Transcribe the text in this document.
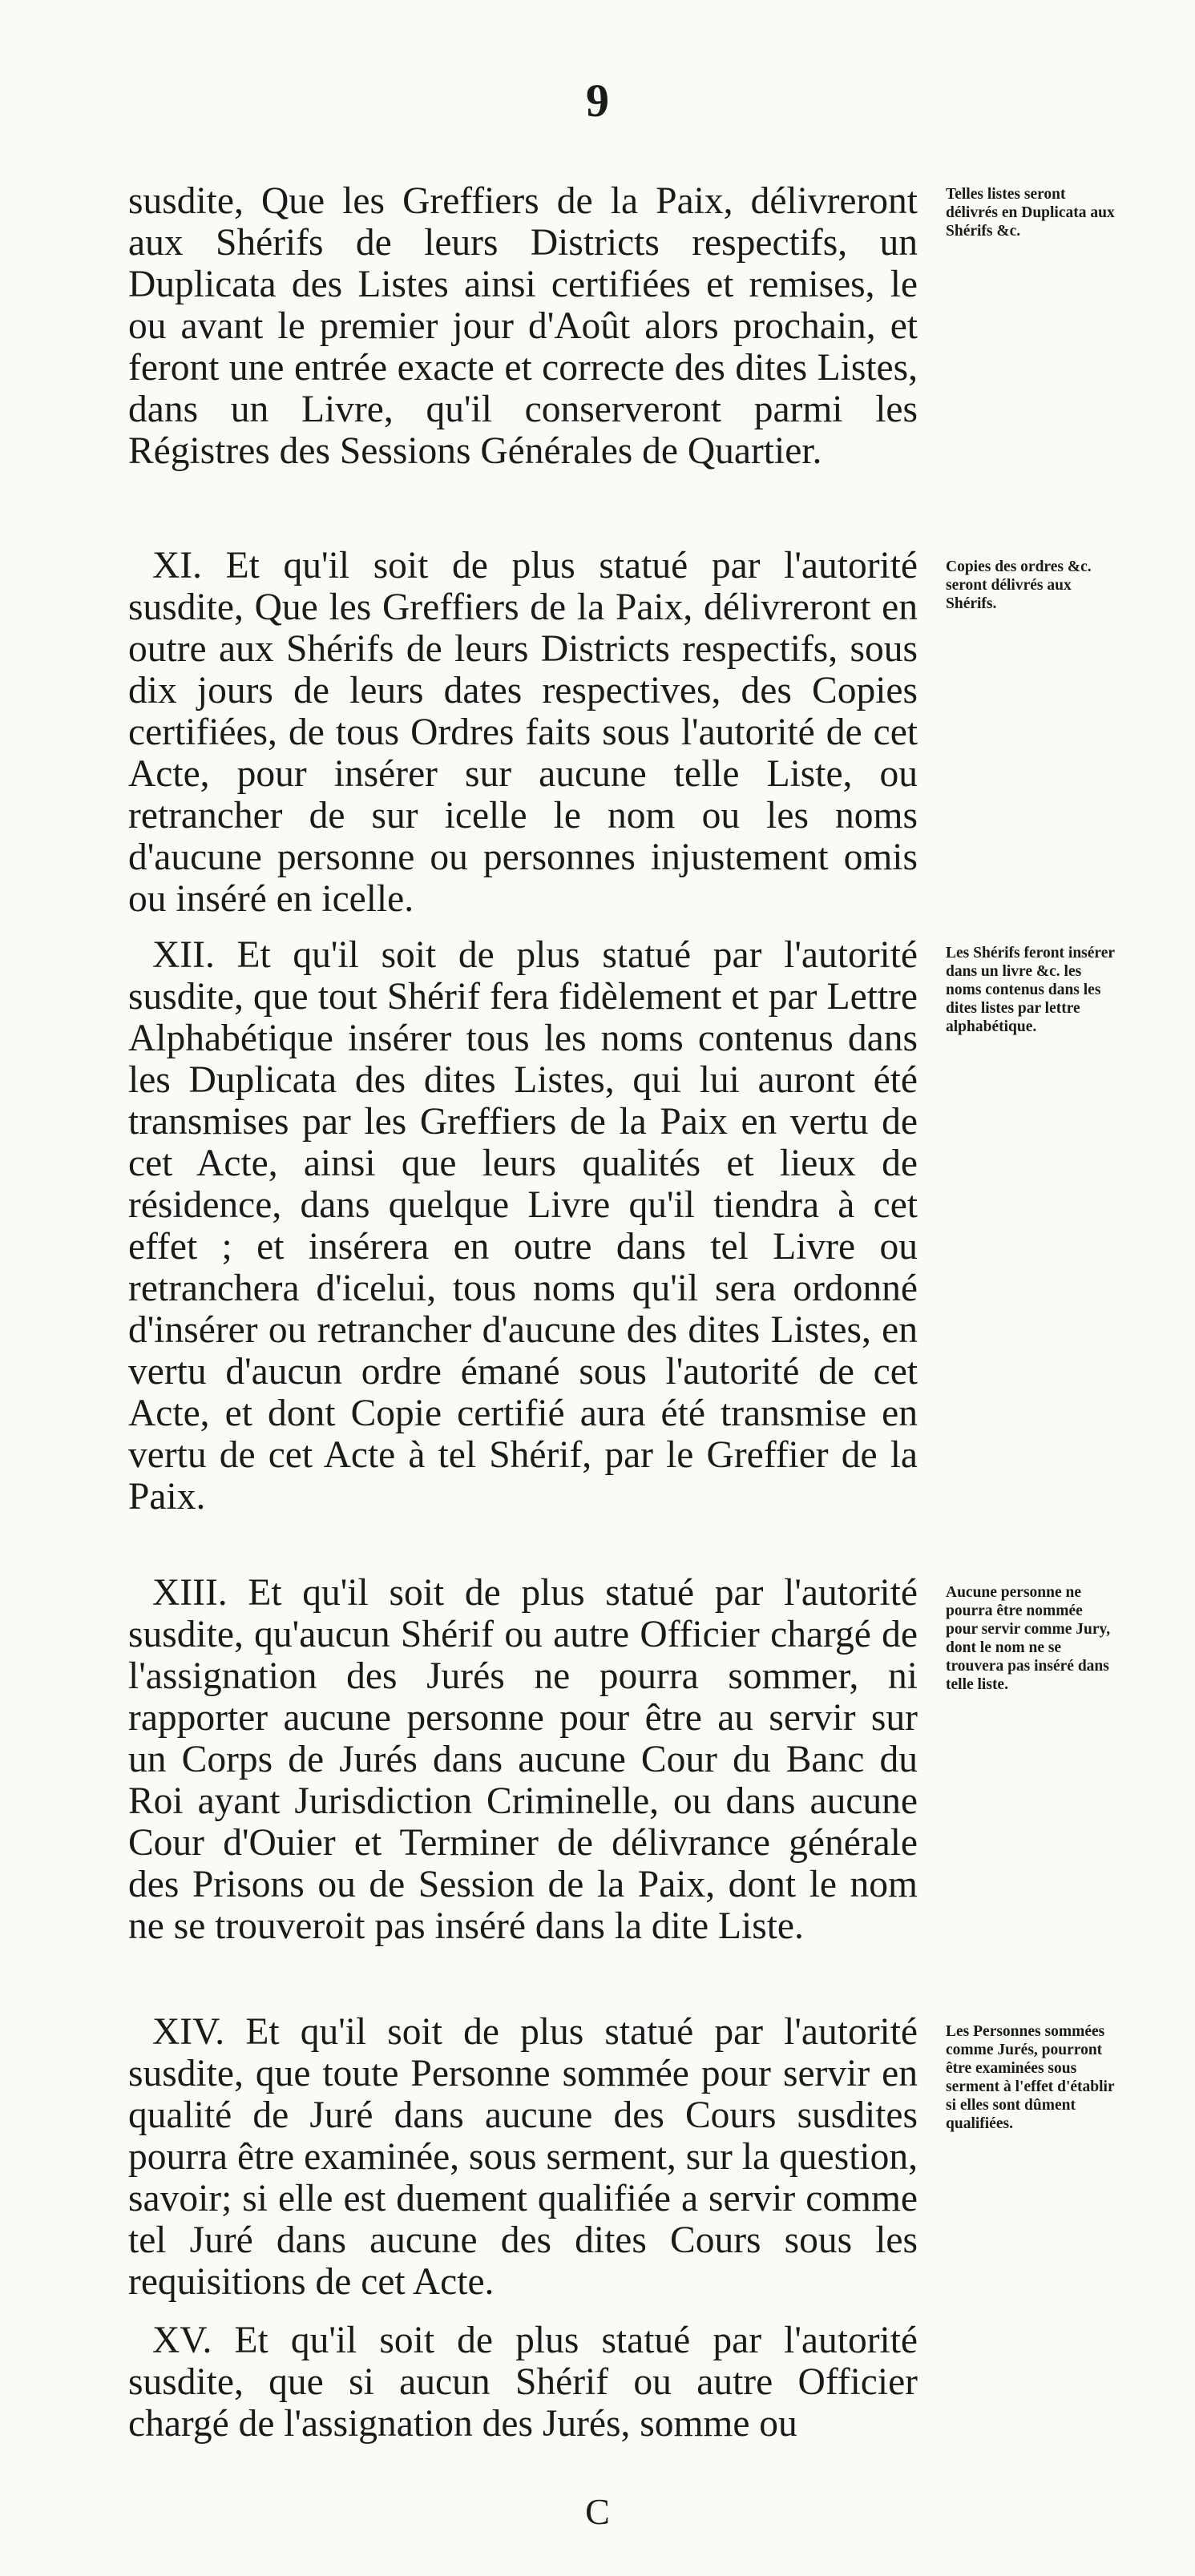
9

susdite, Que les Greffiers de la Paix, délivreront aux Shérifs de leurs Districts respectifs, un Duplicata des Listes ainsi certifiées et remises, le ou avant le premier jour d'Août alors prochain, et feront une entrée exacte et correcte des dites Listes, dans un Livre, qu'il conserveront parmi les Régistres des Sessions Générales de Quartier.

Telles listes seront délivrés en Duplicata aux Shérifs &c.

XI. Et qu'il soit de plus statué par l'autorité susdite, Que les Greffiers de la Paix, délivreront en outre aux Shérifs de leurs Districts respectifs, sous dix jours de leurs dates respectives, des Copies certifiées, de tous Ordres faits sous l'autorité de cet Acte, pour insérer sur aucune telle Liste, ou retrancher de sur icelle le nom ou les noms d'aucune personne ou personnes injustement omis ou inséré en icelle.

Copies des ordres &c. seront délivrés aux Shérifs.

XII. Et qu'il soit de plus statué par l'autorité susdite, que tout Shérif fera fidèlement et par Lettre Alphabétique insérer tous les noms contenus dans les Duplicata des dites Listes, qui lui auront été transmises par les Greffiers de la Paix en vertu de cet Acte, ainsi que leurs qualités et lieux de résidence, dans quelque Livre qu'il tiendra à cet effet ; et insérera en outre dans tel Livre ou retranchera d'icelui, tous noms qu'il sera ordonné d'insérer ou retrancher d'aucune des dites Listes, en vertu d'aucun ordre émané sous l'autorité de cet Acte, et dont Copie certifié aura été transmise en vertu de cet Acte à tel Shérif, par le Greffier de la Paix.

Les Shérifs feront insérer dans un livre &c. les noms contenus dans les dites listes par lettre alphabétique.

XIII. Et qu'il soit de plus statué par l'autorité susdite, qu'aucun Shérif ou autre Officier chargé de l'assignation des Jurés ne pourra sommer, ni rapporter aucune personne pour être au servir sur un Corps de Jurés dans aucune Cour du Banc du Roi ayant Jurisdiction Criminelle, ou dans aucune Cour d'Ouier et Terminer de délivrance générale des Prisons ou de Session de la Paix, dont le nom ne se trouveroit pas inséré dans la dite Liste.

Aucune personne ne pourra être nommée pour servir comme Jury, dont le nom ne se trouvera pas inséré dans telle liste.

XIV. Et qu'il soit de plus statué par l'autorité susdite, que toute Personne sommée pour servir en qualité de Juré dans aucune des Cours susdites pourra être examinée, sous serment, sur la question, savoir; si elle est duement qualifiée a servir comme tel Juré dans aucune des dites Cours sous les requisitions de cet Acte.

Les Personnes sommées comme Jurés, pourront être examinées sous serment à l'effet d'établir si elles sont dûment qualifiées.

XV. Et qu'il soit de plus statué par l'autorité susdite, que si aucun Shérif ou autre Officier chargé de l'assignation des Jurés, somme ou

C
